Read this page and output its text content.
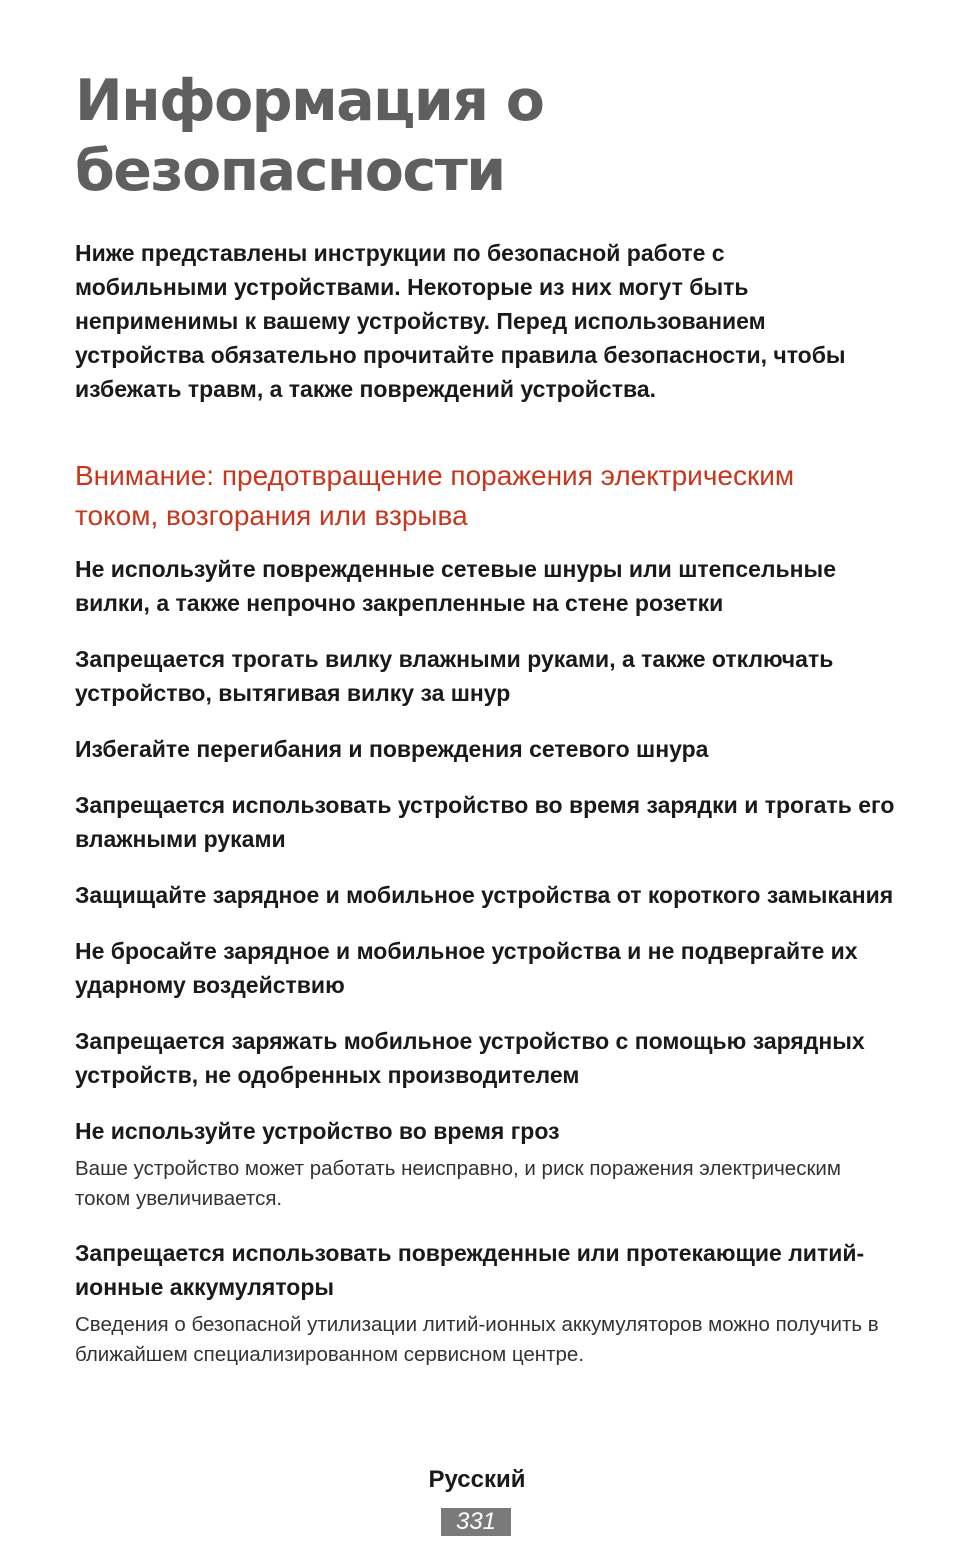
Информация о безопасности

Ниже представлены инструкции по безопасной работе с мобильными устройствами. Некоторые из них могут быть неприменимы к вашему устройству. Перед использованием устройства обязательно прочитайте правила безопасности, чтобы избежать травм, а также повреждений устройства.

Внимание: предотвращение поражения электрическим током, возгорания или взрыва

Не используйте поврежденные сетевые шнуры или штепсельные вилки, а также непрочно закрепленные на стене розетки

Запрещается трогать вилку влажными руками, а также отключать устройство, вытягивая вилку за шнур

Избегайте перегибания и повреждения сетевого шнура

Запрещается использовать устройство во время зарядки и трогать его влажными руками

Защищайте зарядное и мобильное устройства от короткого замыкания

Не бросайте зарядное и мобильное устройства и не подвергайте их ударному воздействию

Запрещается заряжать мобильное устройство с помощью зарядных устройств, не одобренных производителем

Не используйте устройство во время гроз

Ваше устройство может работать неисправно, и риск поражения электрическим током увеличивается.

Запрещается использовать поврежденные или протекающие литий-ионные аккумуляторы

Сведения о безопасной утилизации литий-ионных аккумуляторов можно получить в ближайшем специализированном сервисном центре.

Русский
331
